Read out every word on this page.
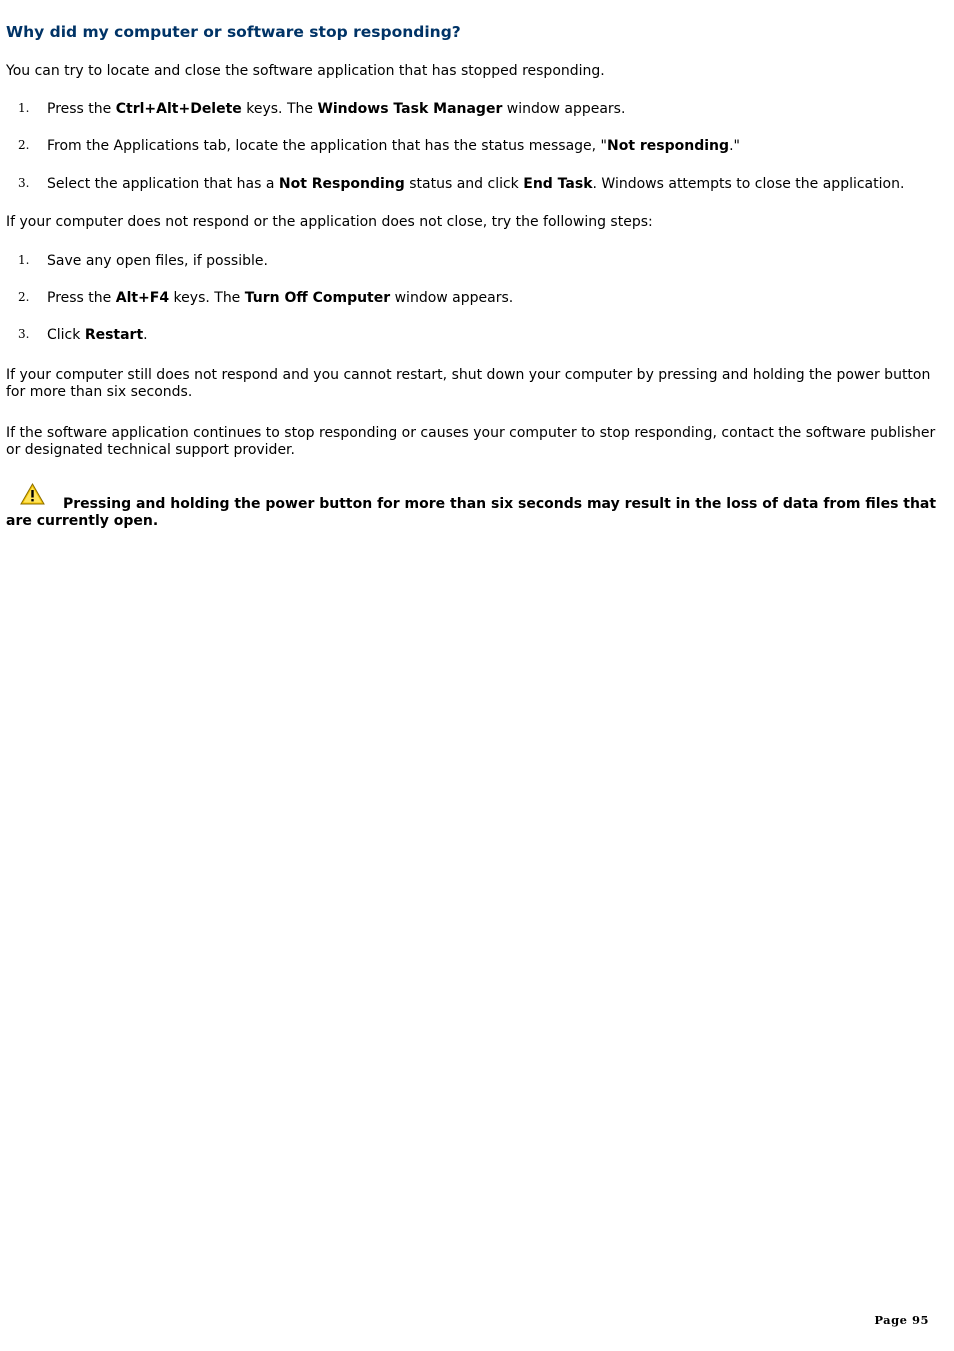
Why did my computer or software stop responding?

You can try to locate and close the software application that has stopped responding.

1. Press the Ctrl+Alt+Delete keys. The Windows Task Manager window appears.
2. From the Applications tab, locate the application that has the status message, "Not responding."
3. Select the application that has a Not Responding status and click End Task. Windows attempts to close the application.

If your computer does not respond or the application does not close, try the following steps:

1. Save any open files, if possible.
2. Press the Alt+F4 keys. The Turn Off Computer window appears.
3. Click Restart.

If your computer still does not respond and you cannot restart, shut down your computer by pressing and holding the power button for more than six seconds.

If the software application continues to stop responding or causes your computer to stop responding, contact the software publisher or designated technical support provider.

Pressing and holding the power button for more than six seconds may result in the loss of data from files that are currently open.
Page 95
